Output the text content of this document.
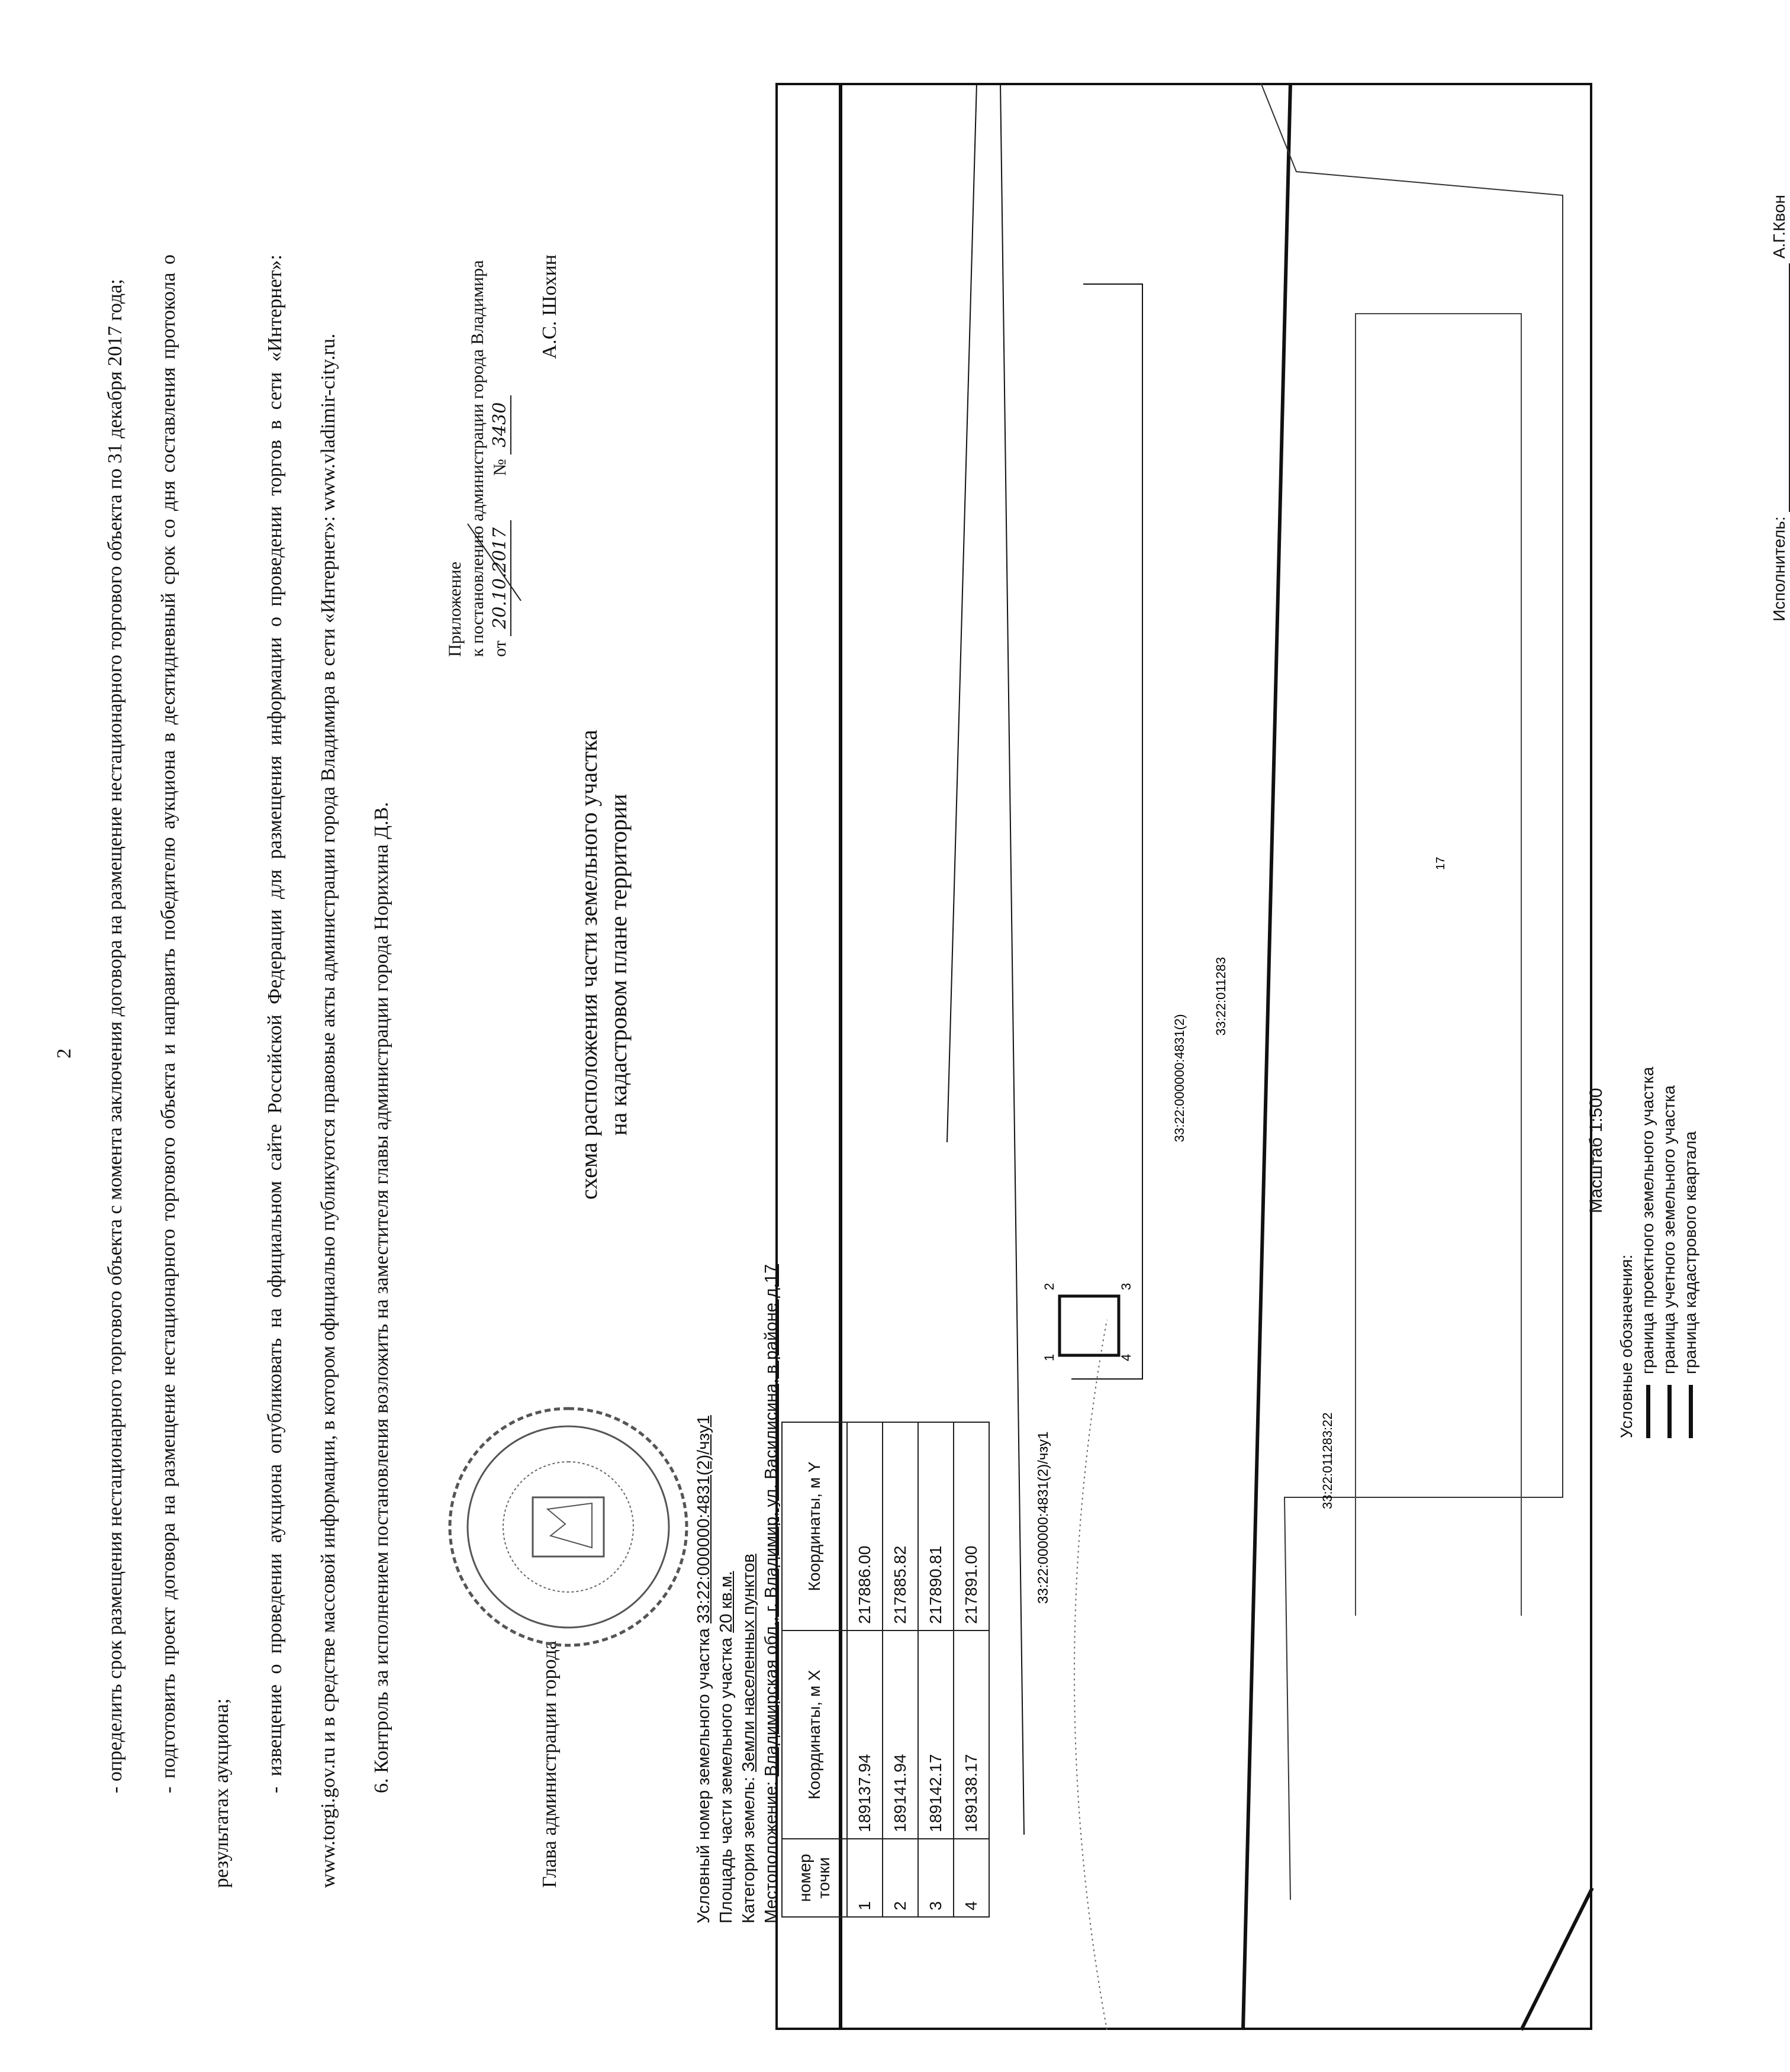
2	- определить срок размещения нестационарного торгового объекта с момента заключения договора на размещение нестационарного торгового объекта по 31 декабря 2017 года;	- подготовить проект договора на размещение нестационарного торгового объекта и направить победителю аукциона в десятидневный срок со дня составления протокола о результатах аукциона;	- извещение о проведении аукциона опубликовать на официальном сайте Российской Федерации для размещения информации о проведении торгов в сети «Интернет»: www.torgi.gov.ru и в средстве массовой информации, в котором официально публикуются правовые акты администрации города Владимира в сети «Интернет»: www.vladimir-city.ru.	6. Контроль за исполнением постановления возложить на заместителя главы администрации города Норихина Д.В.	Глава администрации города
А.С. Шохин
Приложение к постановлению администрации города Владимира от 20.10.2017          № 3430
схема расположения части земельного участка на кадастровом плане территории
Условный номер земельного участка 33:22:000000:4831(2)/чзу1
Площадь части земельного участка 20 кв.м.
Категория земель: Земли населенных пунктов
Местоположение: Владимирская обл., г. Владимир, ул. Василисина, в районе д.17	1
2	3
4
33:22:000000:4831(2)/чзу1
33:22:000000:4831(2)
33:22:011283
33:22:011283:22
17
номер точки	Координаты, м X	Координаты, м Y
1	189137.94	217886.00
2	189141.94	217885.82
3	189142.17	217890.81
4	189138.17	217891.00
Масштаб 1:500
Условные обозначения: граница проектного земельного участка граница учетного земельного участка граница кадастрового квартала
Исполнитель:   А.Г.Квон
